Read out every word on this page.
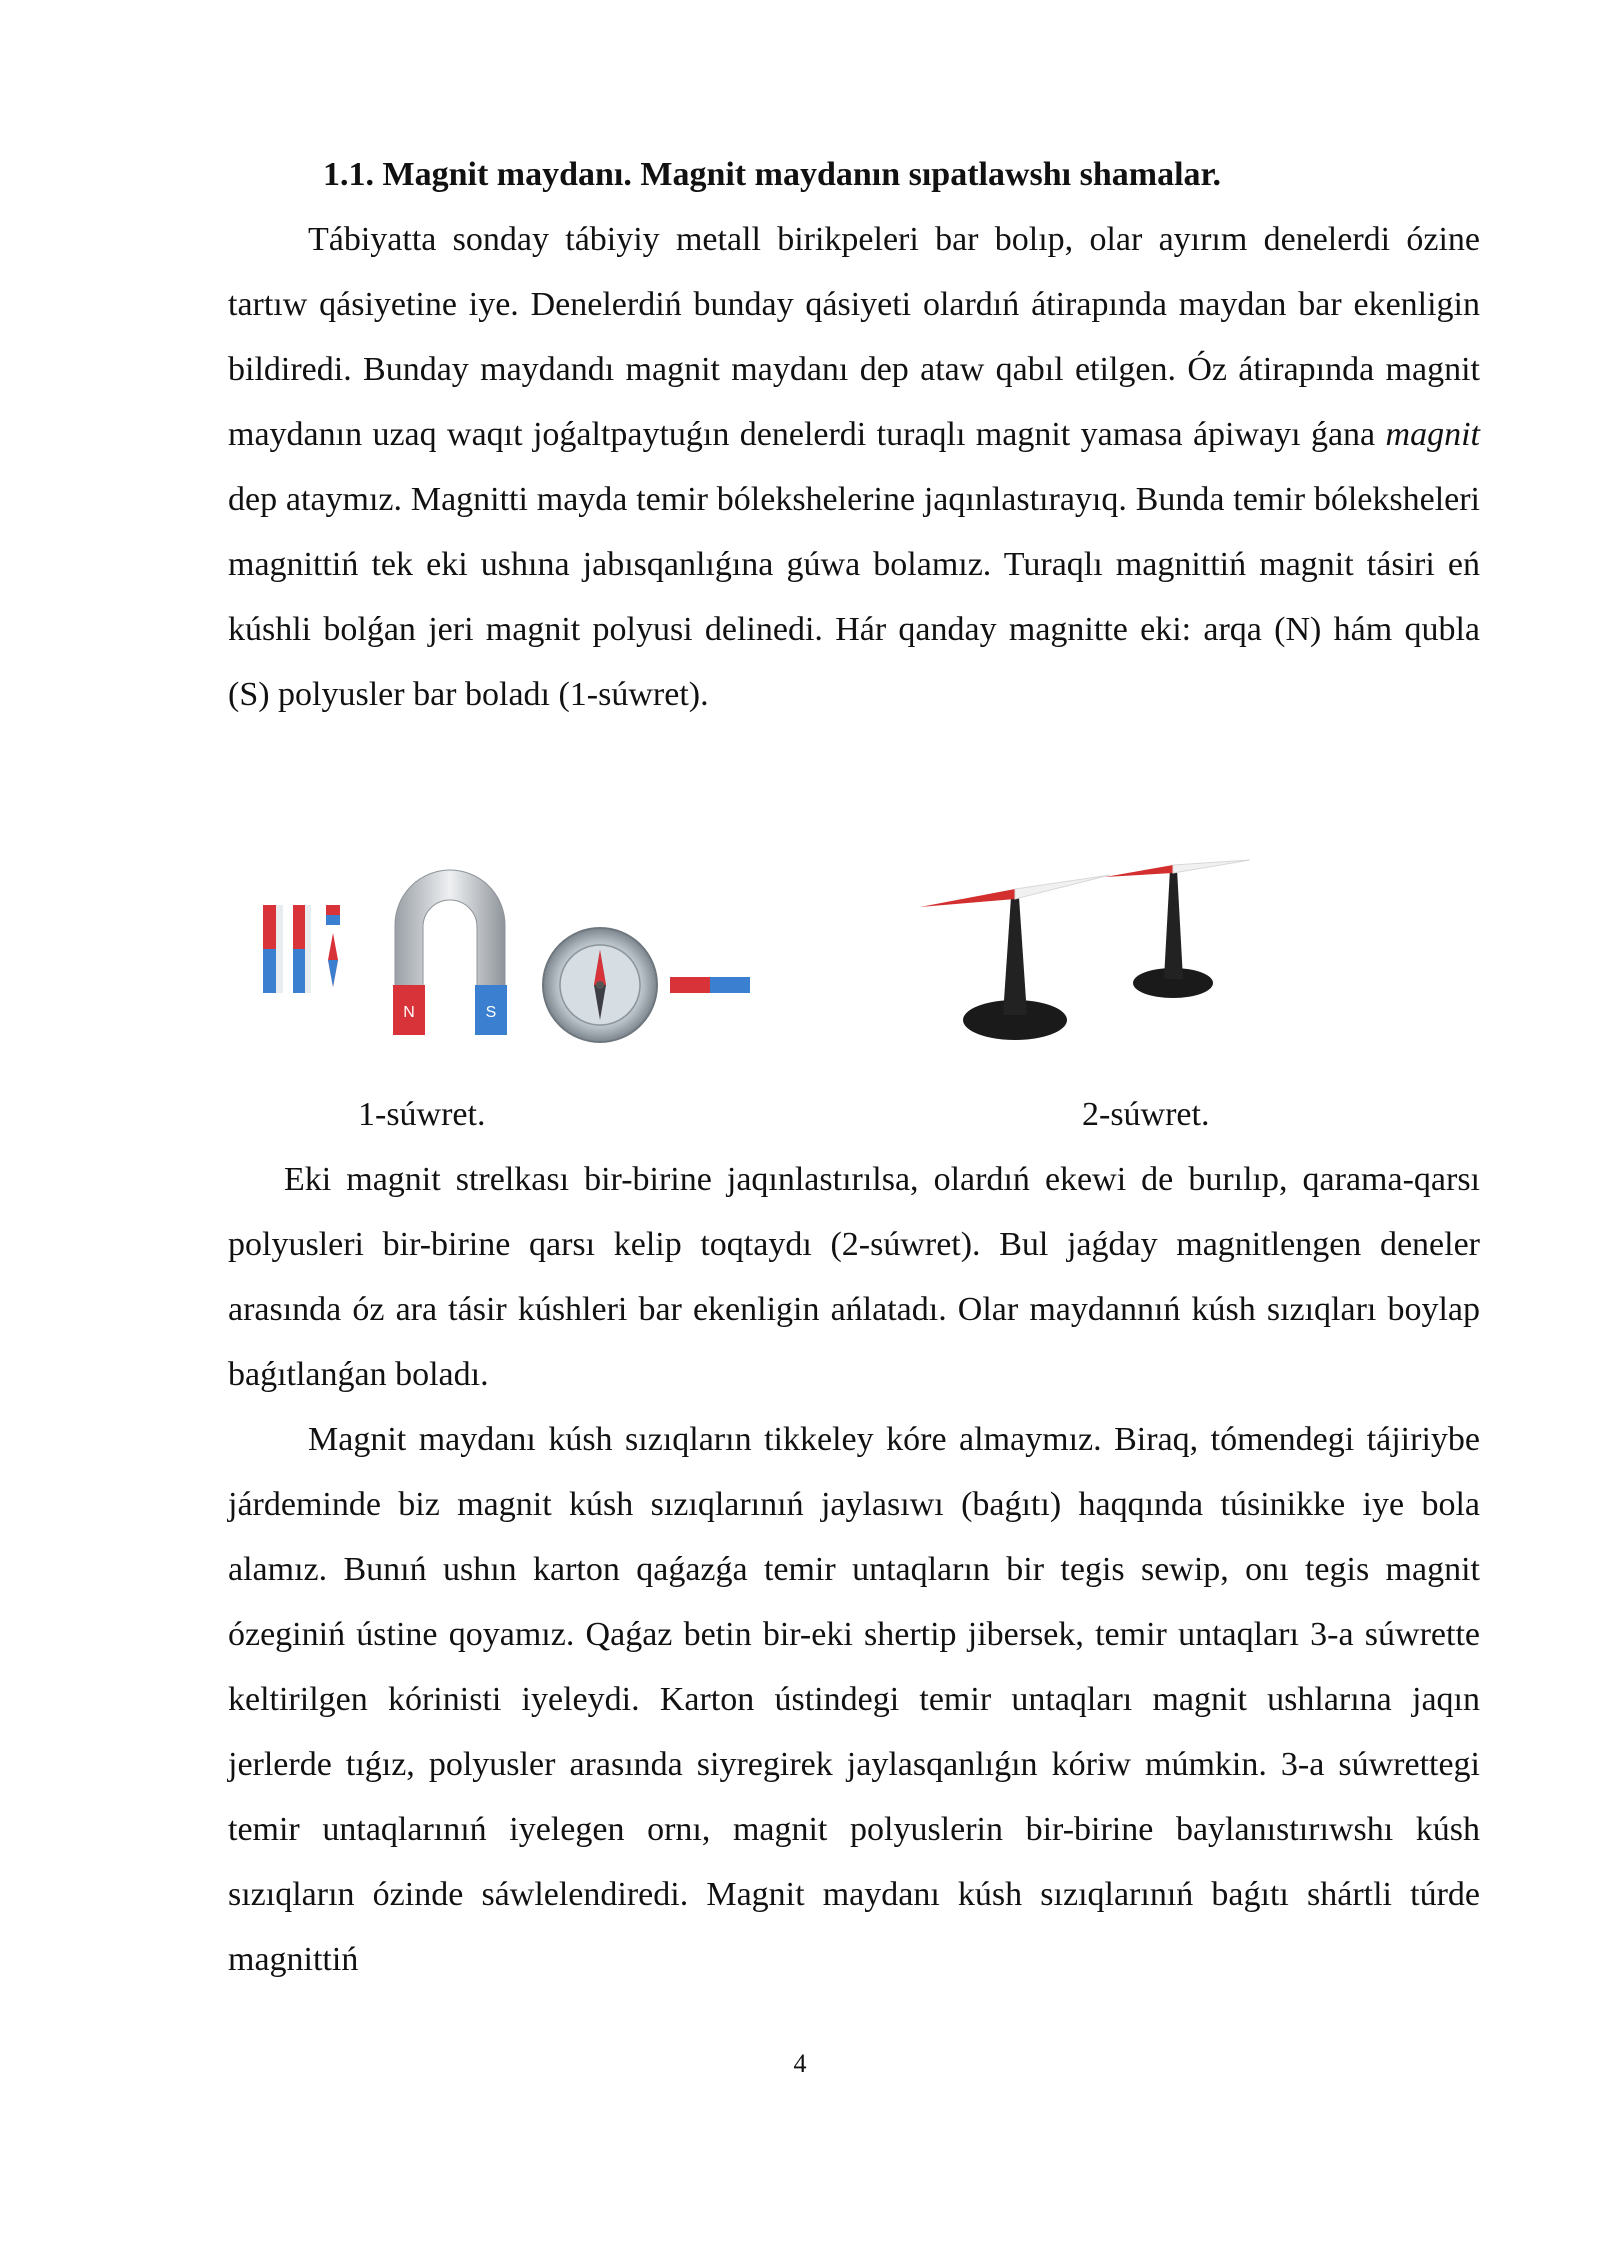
1.1. Magnit maydanı. Magnit maydanın sıpatlawshı shamalar.

Tábiyatta sonday tábiyiy metall birikpeleri bar bolıp, olar ayırım denelerdi ózine tartıw qásiyetine iye. Denelerdiń bunday qásiyeti olardıń átirapında maydan bar ekenligin bildiredi. Bunday maydandı magnit maydanı dep ataw qabıl etilgen. Óz átirapında magnit maydanın uzaq waqıt joǵaltpaytuǵın denelerdi turaqlı magnit yamasa ápiwayı ǵana magnit dep ataymız. Magnitti mayda temir bólekshelerine jaqınlastırayıq. Bunda temir bóleksheleri magnittiń tek eki ushına jabısqanlıǵına gúwa bolamız. Turaqlı magnittiń magnit tásiri eń kúshli bolǵan jeri magnit polyusi delinedi. Hár qanday magnitte eki: arqa (N) hám qubla (S) polyusler bar boladı (1-súwret).

N	S
1-súwret.	2-súwret.

Eki magnit strelkası bir-birine jaqınlastırılsa, olardıń ekewi de burılıp, qarama-qarsı polyusleri bir-birine qarsı kelip toqtaydı (2-súwret). Bul jaǵday magnitlengen deneler arasında óz ara tásir kúshleri bar ekenligin ańlatadı. Olar maydannıń kúsh sızıqları boylap baǵıtlanǵan boladı.

Magnit maydanı kúsh sızıqların tikkeley kóre almaymız. Biraq, tómendegi tájiriybe járdeminde biz magnit kúsh sızıqlarınıń jaylasıwı (baǵıtı) haqqında túsinikke iye bola alamız. Bunıń ushın karton qaǵazǵa temir untaqların bir tegis sewip, onı tegis magnit ózeginiń ústine qoyamız. Qaǵaz betin bir-eki shertip jibersek, temir untaqları 3-a súwrette keltirilgen kórinisti iyeleydi. Karton ústindegi temir untaqları magnit ushlarına jaqın jerlerde tıǵız, polyusler arasında siyregirek jaylasqanlıǵın kóriw múmkin. 3-a súwrettegi temir untaqlarınıń iyelegen ornı, magnit polyuslerin bir-birine baylanıstırıwshı kúsh sızıqların ózinde sáwlelendiredi. Magnit maydanı kúsh sızıqlarınıń baǵıtı shártli túrde magnittiń

4
